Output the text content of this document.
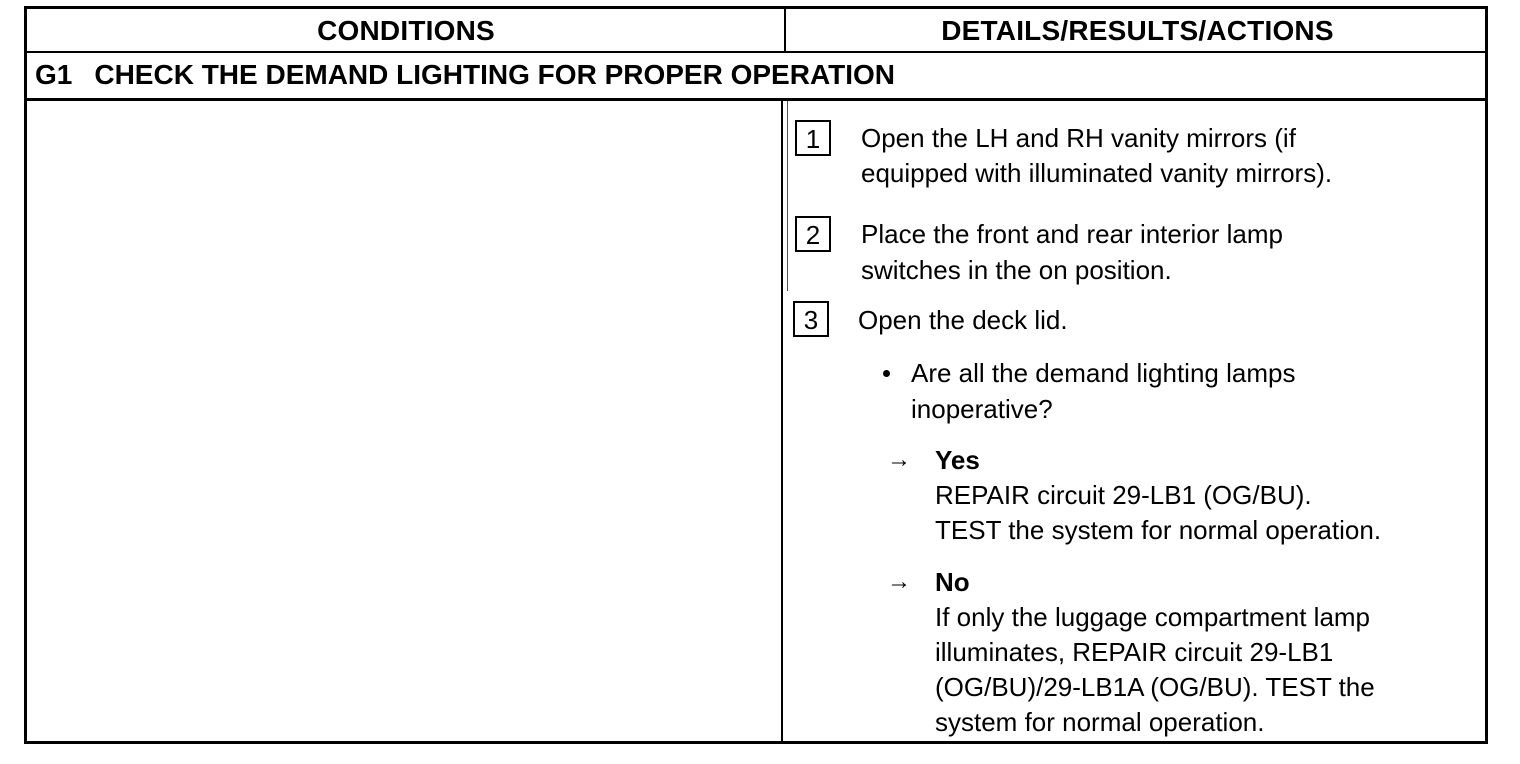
CONDITIONS	DETAILS/RESULTS/ACTIONS
G1 CHECK THE DEMAND LIGHTING FOR PROPER OPERATION
1	Open the LH and RH vanity mirrors (if
equipped with illuminated vanity mirrors).
2	Place the front and rear interior lamp
switches in the on position.
3	Open the deck lid.
Are all the demand lighting lamps
inoperative?
→ Yes
REPAIR circuit 29-LB1 (OG/BU).
TEST the system for normal operation.
→ No
If only the luggage compartment lamp
illuminates, REPAIR circuit 29-LB1
(OG/BU)/29-LB1A (OG/BU). TEST the
system for normal operation.
